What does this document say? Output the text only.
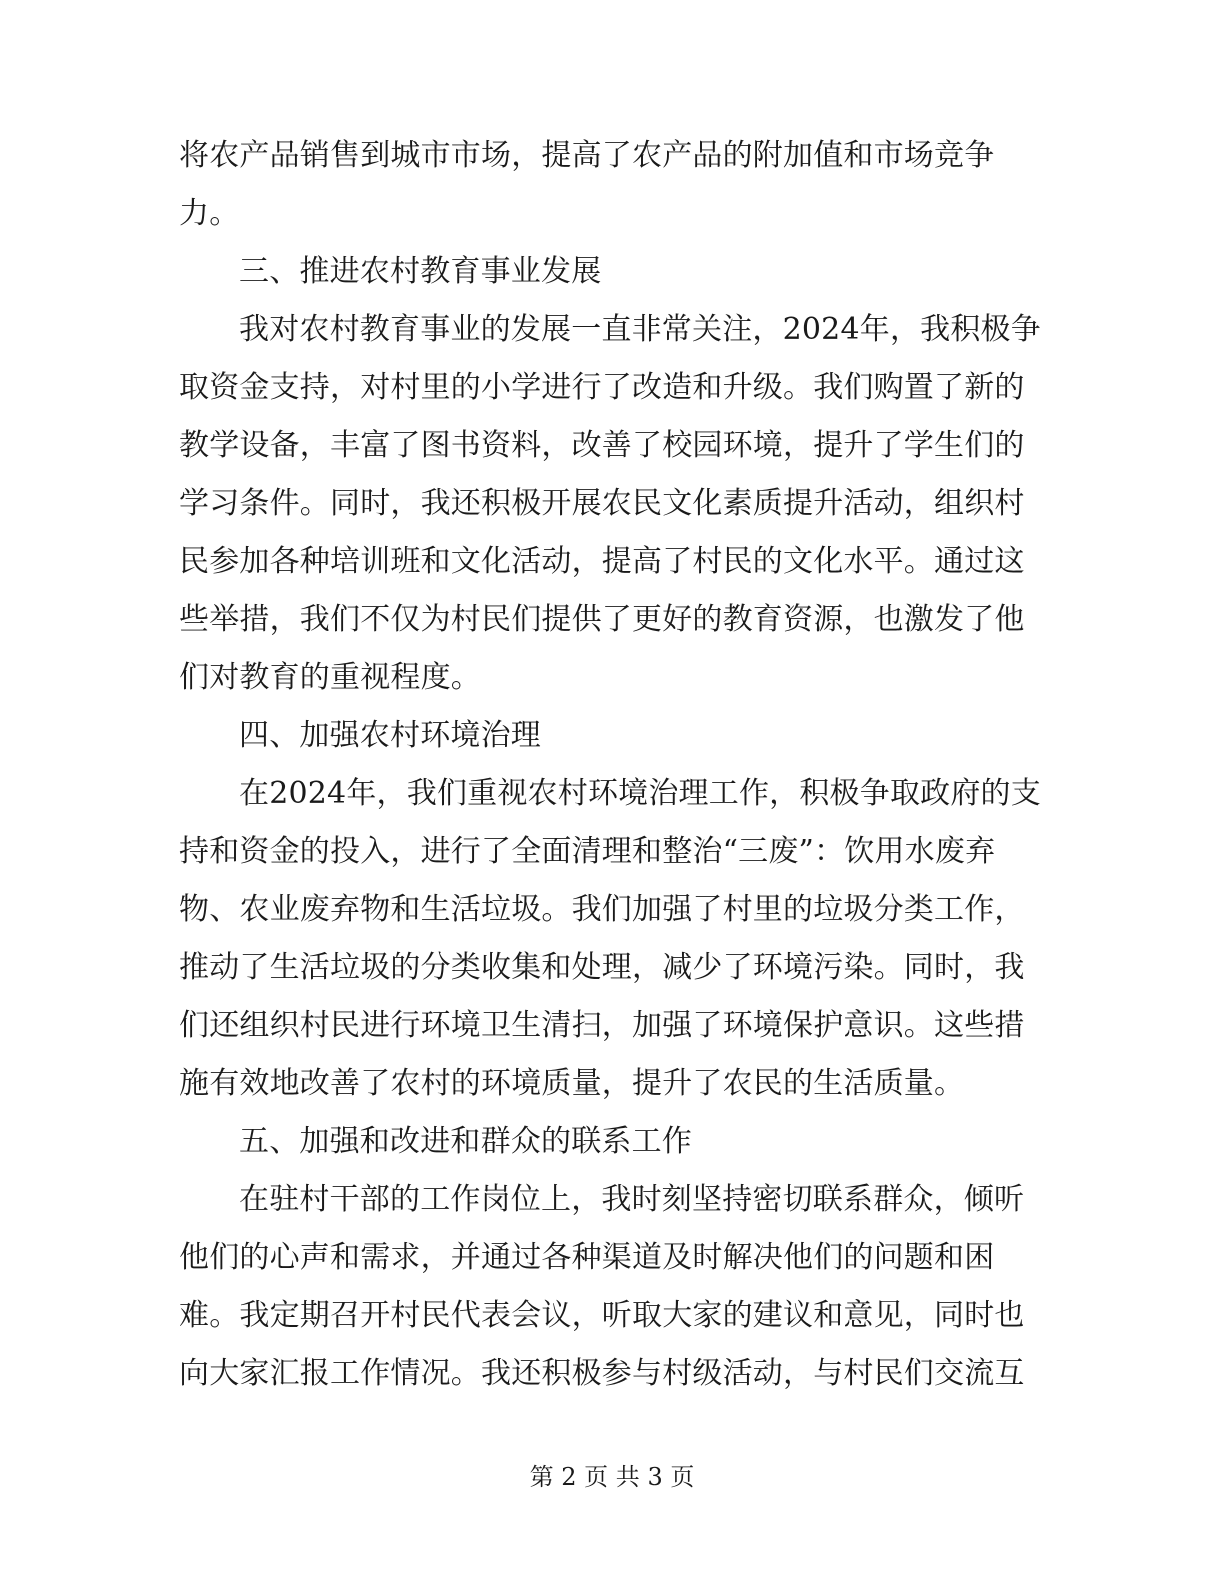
将农产品销售到城市市场，提高了农产品的附加值和市场竞争
力。
三、推进农村教育事业发展
我对农村教育事业的发展一直非常关注，2024年，我积极争
取资金支持，对村里的小学进行了改造和升级。我们购置了新的
教学设备，丰富了图书资料，改善了校园环境，提升了学生们的
学习条件。同时，我还积极开展农民文化素质提升活动，组织村
民参加各种培训班和文化活动，提高了村民的文化水平。通过这
些举措，我们不仅为村民们提供了更好的教育资源，也激发了他
们对教育的重视程度。
四、加强农村环境治理
在2024年，我们重视农村环境治理工作，积极争取政府的支
持和资金的投入，进行了全面清理和整治“三废”：饮用水废弃
物、农业废弃物和生活垃圾。我们加强了村里的垃圾分类工作，
推动了生活垃圾的分类收集和处理，减少了环境污染。同时，我
们还组织村民进行环境卫生清扫，加强了环境保护意识。这些措
施有效地改善了农村的环境质量，提升了农民的生活质量。
五、加强和改进和群众的联系工作
在驻村干部的工作岗位上，我时刻坚持密切联系群众，倾听
他们的心声和需求，并通过各种渠道及时解决他们的问题和困
难。我定期召开村民代表会议，听取大家的建议和意见，同时也
向大家汇报工作情况。我还积极参与村级活动，与村民们交流互
第 2 页 共 3 页
